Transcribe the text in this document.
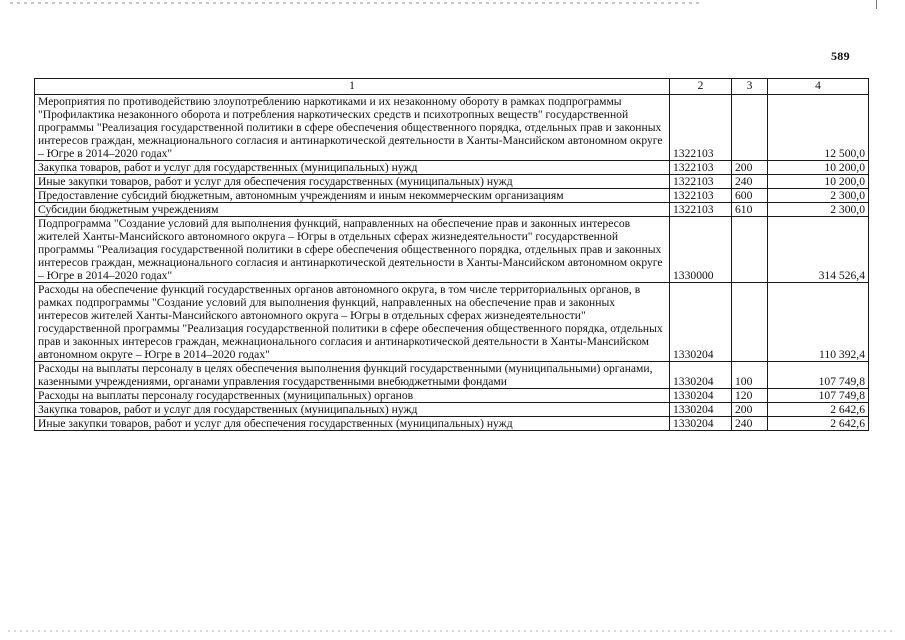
589
1	2	3	4
Мероприятия по противодействию злоупотреблению наркотиками и их незаконному обороту в рамках подпрограммы "Профилактика незаконного оборота и потребления наркотических средств и психотропных веществ" государственной программы "Реализация государственной политики в сфере обеспечения общественного порядка, отдельных прав и законных интересов граждан, межнационального согласия и антинаркотической деятельности в Ханты-Мансийском автономном округе – Югре в 2014–2020 годах"	1322103		12 500,0
Закупка товаров, работ и услуг для государственных (муниципальных) нужд	1322103	200	10 200,0
Иные закупки товаров, работ и услуг для обеспечения государственных (муниципальных) нужд	1322103	240	10 200,0
Предоставление субсидий бюджетным, автономным учреждениям и иным некоммерческим организациям	1322103	600	2 300,0
Субсидии бюджетным учреждениям	1322103	610	2 300,0
Подпрограмма "Создание условий для выполнения функций, направленных на обеспечение прав и законных интересов жителей Ханты-Мансийского автономного округа – Югры в отдельных сферах жизнедеятельности" государственной программы "Реализация государственной политики в сфере обеспечения общественного порядка, отдельных прав и законных интересов граждан, межнационального согласия и антинаркотической деятельности в Ханты-Мансийском автономном округе – Югре в 2014–2020 годах"	1330000		314 526,4
Расходы на обеспечение функций государственных органов автономного округа, в том числе территориальных органов, в рамках подпрограммы "Создание условий для выполнения функций, направленных на обеспечение прав и законных интересов жителей Ханты-Мансийского автономного округа – Югры в отдельных сферах жизнедеятельности" государственной программы "Реализация государственной политики в сфере обеспечения общественного порядка, отдельных прав и законных интересов граждан, межнационального согласия и антинаркотической деятельности в Ханты-Мансийском автономном округе – Югре в 2014–2020 годах"	1330204		110 392,4
Расходы на выплаты персоналу в целях обеспечения выполнения функций государственными (муниципальными) органами, казенными учреждениями, органами управления государственными внебюджетными фондами	1330204	100	107 749,8
Расходы на выплаты персоналу государственных (муниципальных) органов	1330204	120	107 749,8
Закупка товаров, работ и услуг для государственных (муниципальных) нужд	1330204	200	2 642,6
Иные закупки товаров, работ и услуг для обеспечения государственных (муниципальных) нужд	1330204	240	2 642,6
